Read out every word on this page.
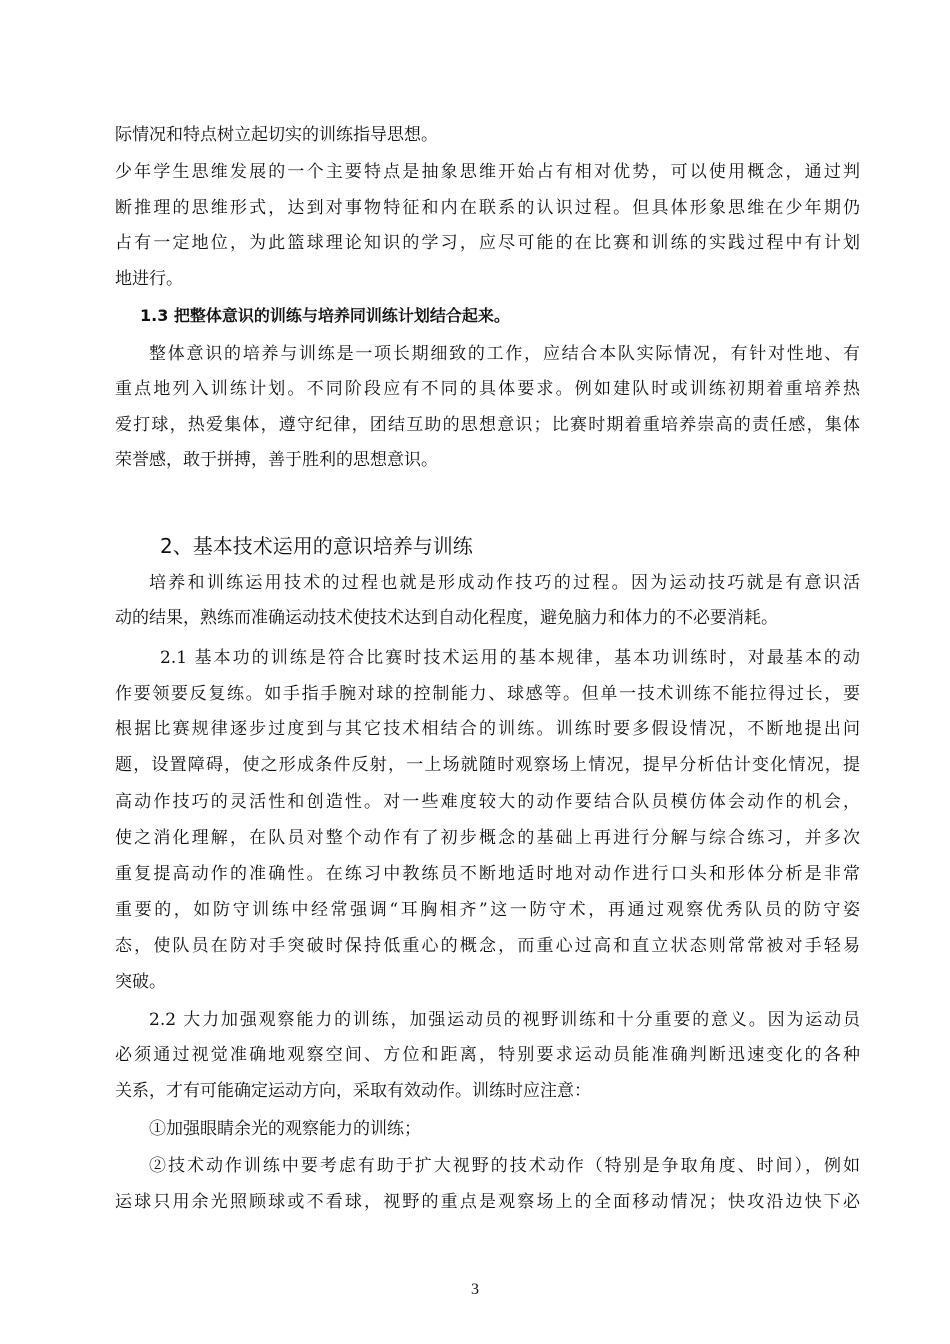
际情况和特点树立起切实的训练指导思想。
少年学生思维发展的一个主要特点是抽象思维开始占有相对优势，可以使用概念，通过判
断推理的思维形式，达到对事物特征和内在联系的认识过程。但具体形象思维在少年期仍
占有一定地位，为此篮球理论知识的学习，应尽可能的在比赛和训练的实践过程中有计划
地进行。
1.3 把整体意识的训练与培养同训练计划结合起来。
整体意识的培养与训练是一项长期细致的工作，应结合本队实际情况，有针对性地、有
重点地列入训练计划。不同阶段应有不同的具体要求。例如建队时或训练初期着重培养热
爱打球，热爱集体，遵守纪律，团结互助的思想意识；比赛时期着重培养崇高的责任感，集体
荣誉感，敢于拼搏，善于胜利的思想意识。
2、基本技术运用的意识培养与训练
培养和训练运用技术的过程也就是形成动作技巧的过程。因为运动技巧就是有意识活
动的结果，熟练而准确运动技术使技术达到自动化程度，避免脑力和体力的不必要消耗。
2.1 基本功的训练是符合比赛时技术运用的基本规律，基本功训练时，对最基本的动
作要领要反复练。如手指手腕对球的控制能力、球感等。但单一技术训练不能拉得过长，要
根据比赛规律逐步过度到与其它技术相结合的训练。训练时要多假设情况，不断地提出问
题，设置障碍，使之形成条件反射，一上场就随时观察场上情况，提早分析估计变化情况，提
高动作技巧的灵活性和创造性。对一些难度较大的动作要结合队员模仿体会动作的机会，
使之消化理解，在队员对整个动作有了初步概念的基础上再进行分解与综合练习，并多次
重复提高动作的准确性。在练习中教练员不断地适时地对动作进行口头和形体分析是非常
重要的，如防守训练中经常强调“耳胸相齐”这一防守术，再通过观察优秀队员的防守姿
态，使队员在防对手突破时保持低重心的概念，而重心过高和直立状态则常常被对手轻易
突破。
2.2 大力加强观察能力的训练，加强运动员的视野训练和十分重要的意义。因为运动员
必须通过视觉准确地观察空间、方位和距离，特别要求运动员能准确判断迅速变化的各种
关系，才有可能确定运动方向，采取有效动作。训练时应注意：
①加强眼睛余光的观察能力的训练；
②技术动作训练中要考虑有助于扩大视野的技术动作（特别是争取角度、时间），例如
运球只用余光照顾球或不看球，视野的重点是观察场上的全面移动情况；快攻沿边快下必
3
